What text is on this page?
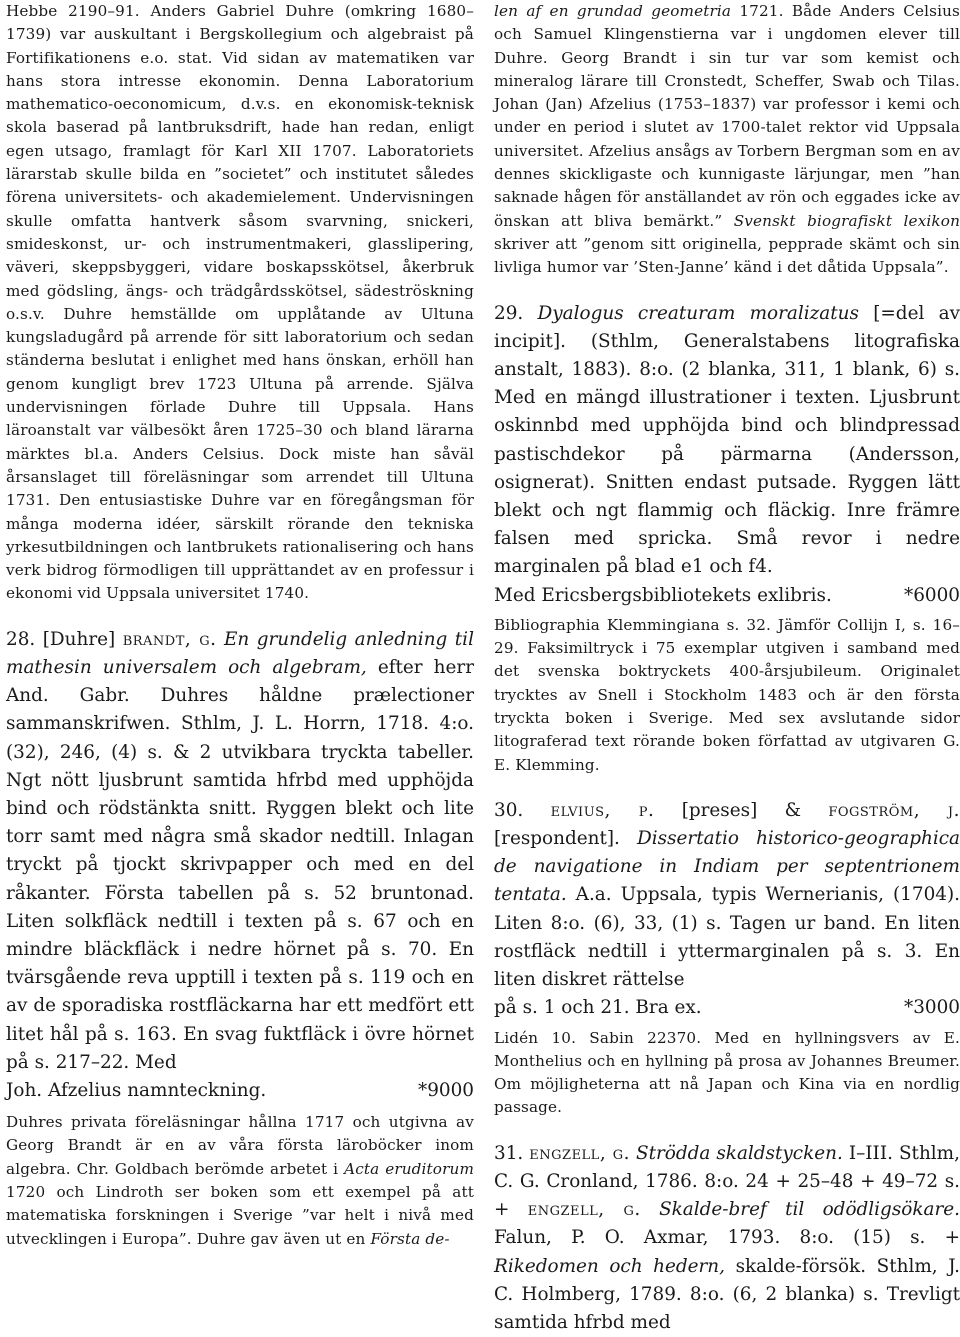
Hebbe 2190–91. Anders Gabriel Duhre (omkring 1680–1739) var auskultant i Bergskollegium och algebraist på Fortifikationens e.o. stat. Vid sidan av matematiken var hans stora intresse ekonomin. Denna Laboratorium mathematico-oeconomicum, d.v.s. en ekonomisk-teknisk skola baserad på lantbruksdrift, hade han redan, enligt egen utsago, framlagt för Karl XII 1707. Laboratoriets lärarstab skulle bilda en ”societet” och institutet således förena universitets- och akademielement. Undervisningen skulle omfatta hantverk såsom svarvning, snickeri, smideskonst, ur- och instrumentmakeri, glasslipering, väveri, skeppsbyggeri, vidare boskapsskötsel, åkerbruk med gödsling, ängs- och trädgårdsskötsel, sädeströskning o.s.v. Duhre hemställde om upplåtande av Ultuna kungsladugård på arrende för sitt laboratorium och sedan ständerna beslutat i enlighet med hans önskan, erhöll han genom kungligt brev 1723 Ultuna på arrende. Själva undervisningen förlade Duhre till Uppsala. Hans läroanstalt var välbesökt åren 1725–30 och bland lärarna märktes bl.a. Anders Celsius. Dock miste han såväl årsanslaget till föreläsningar som arrendet till Ultuna 1731. Den entusiastiske Duhre var en föregångsman för många moderna idéer, särskilt rörande den tekniska yrkesutbildningen och lantbrukets rationalisering och hans verk bidrog förmodligen till upprättandet av en professur i ekonomi vid Uppsala universitet 1740.

28. [Duhre] brandt, g. En grundelig anledning til mathesin universalem och algebram, efter herr And. Gabr. Duhres håldne prælectioner sammanskrifwen. Sthlm, J. L. Horrn, 1718. 4:o. (32), 246, (4) s. & 2 utvikbara tryckta tabeller. Ngt nött ljusbrunt samtida hfrbd med upphöjda bind och rödstänkta snitt. Ryggen blekt och lite torr samt med några små skador nedtill. Inlagan tryckt på tjockt skrivpapper och med en del råkanter. Första tabellen på s. 52 bruntonad. Liten solkfläck nedtill i texten på s. 67 och en mindre bläckfläck i nedre hörnet på s. 70. En tvärsgående reva upptill i texten på s. 119 och en av de sporadiska rostfläckarna har ett medfört ett litet hål på s. 163. En svag fuktfläck i övre hörnet på s. 217–22. Med

Joh. Afzelius namnteckning.	*9000

Duhres privata föreläsningar hållna 1717 och utgivna av Georg Brandt är en av våra första läroböcker inom algebra. Chr. Goldbach berömde arbetet i Acta eruditorum 1720 och Lindroth ser boken som ett exempel på att matematiska forskningen i Sverige ”var helt i nivå med utvecklingen i Europa”. Duhre gav även ut en Första de-

len af en grundad geometria 1721. Både Anders Celsius och Samuel Klingenstierna var i ungdomen elever till Duhre. Georg Brandt i sin tur var som kemist och mineralog lärare till Cronstedt, Scheffer, Swab och Tilas. Johan (Jan) Afzelius (1753–1837) var professor i kemi och under en period i slutet av 1700-talet rektor vid Uppsala universitet. Afzelius ansågs av Torbern Bergman som en av dennes skickligaste och kunnigaste lärjungar, men ”han saknade hågen för anställandet av rön och eggades icke av önskan att bliva bemärkt.” Svenskt biografiskt lexikon skriver att ”genom sitt originella, pepprade skämt och sin livliga humor var ’Sten-Janne’ känd i det dåtida Uppsala”.

29. Dyalogus creaturam moralizatus [=del av incipit]. (Sthlm, Generalstabens litografiska anstalt, 1883). 8:o. (2 blanka, 311, 1 blank, 6) s. Med en mängd illustrationer i texten. Ljusbrunt oskinnbd med upphöjda bind och blindpressad pastischdekor på pärmarna (Andersson, osignerat). Snitten endast putsade. Ryggen lätt blekt och ngt flammig och fläckig. Inre främre falsen med spricka. Små revor i nedre marginalen på blad e1 och f4.

Med Ericsbergsbibliotekets exlibris.	*6000

Bibliographia Klemmingiana s. 32. Jämför Collijn I, s. 16–29. Faksimiltryck i 75 exemplar utgiven i samband med det svenska boktryckets 400-årsjubileum. Originalet trycktes av Snell i Stockholm 1483 och är den första tryckta boken i Sverige. Med sex avslutande sidor litograferad text rörande boken författad av utgivaren G. E. Klemming.

30. elvius, p. [preses] & fogström, j. [respondent]. Dissertatio historico-geographica de navigatione in Indiam per septentrionem tentata. A.a. Uppsala, typis Wernerianis, (1704). Liten 8:o. (6), 33, (1) s. Tagen ur band. En liten rostfläck nedtill i yttermarginalen på s. 3. En liten diskret rättelse

på s. 1 och 21. Bra ex.	*3000

Lidén 10. Sabin 22370. Med en hyllningsvers av E. Monthelius och en hyllning på prosa av Johannes Breumer. Om möjligheterna att nå Japan och Kina via en nordlig passage.

31. engzell, g. Strödda skaldstycken. I–III. Sthlm, C. G. Cronland, 1786. 8:o. 24 + 25–48 + 49–72 s. + engzell, g. Skalde-bref til odödligsökare. Falun, P. O. Axmar, 1793. 8:o. (15) s. + Rikedomen och hedern, skalde-försök. Sthlm, J. C. Holmberg, 1789. 8:o. (6, 2 blanka) s. Trevligt samtida hfrbd med
